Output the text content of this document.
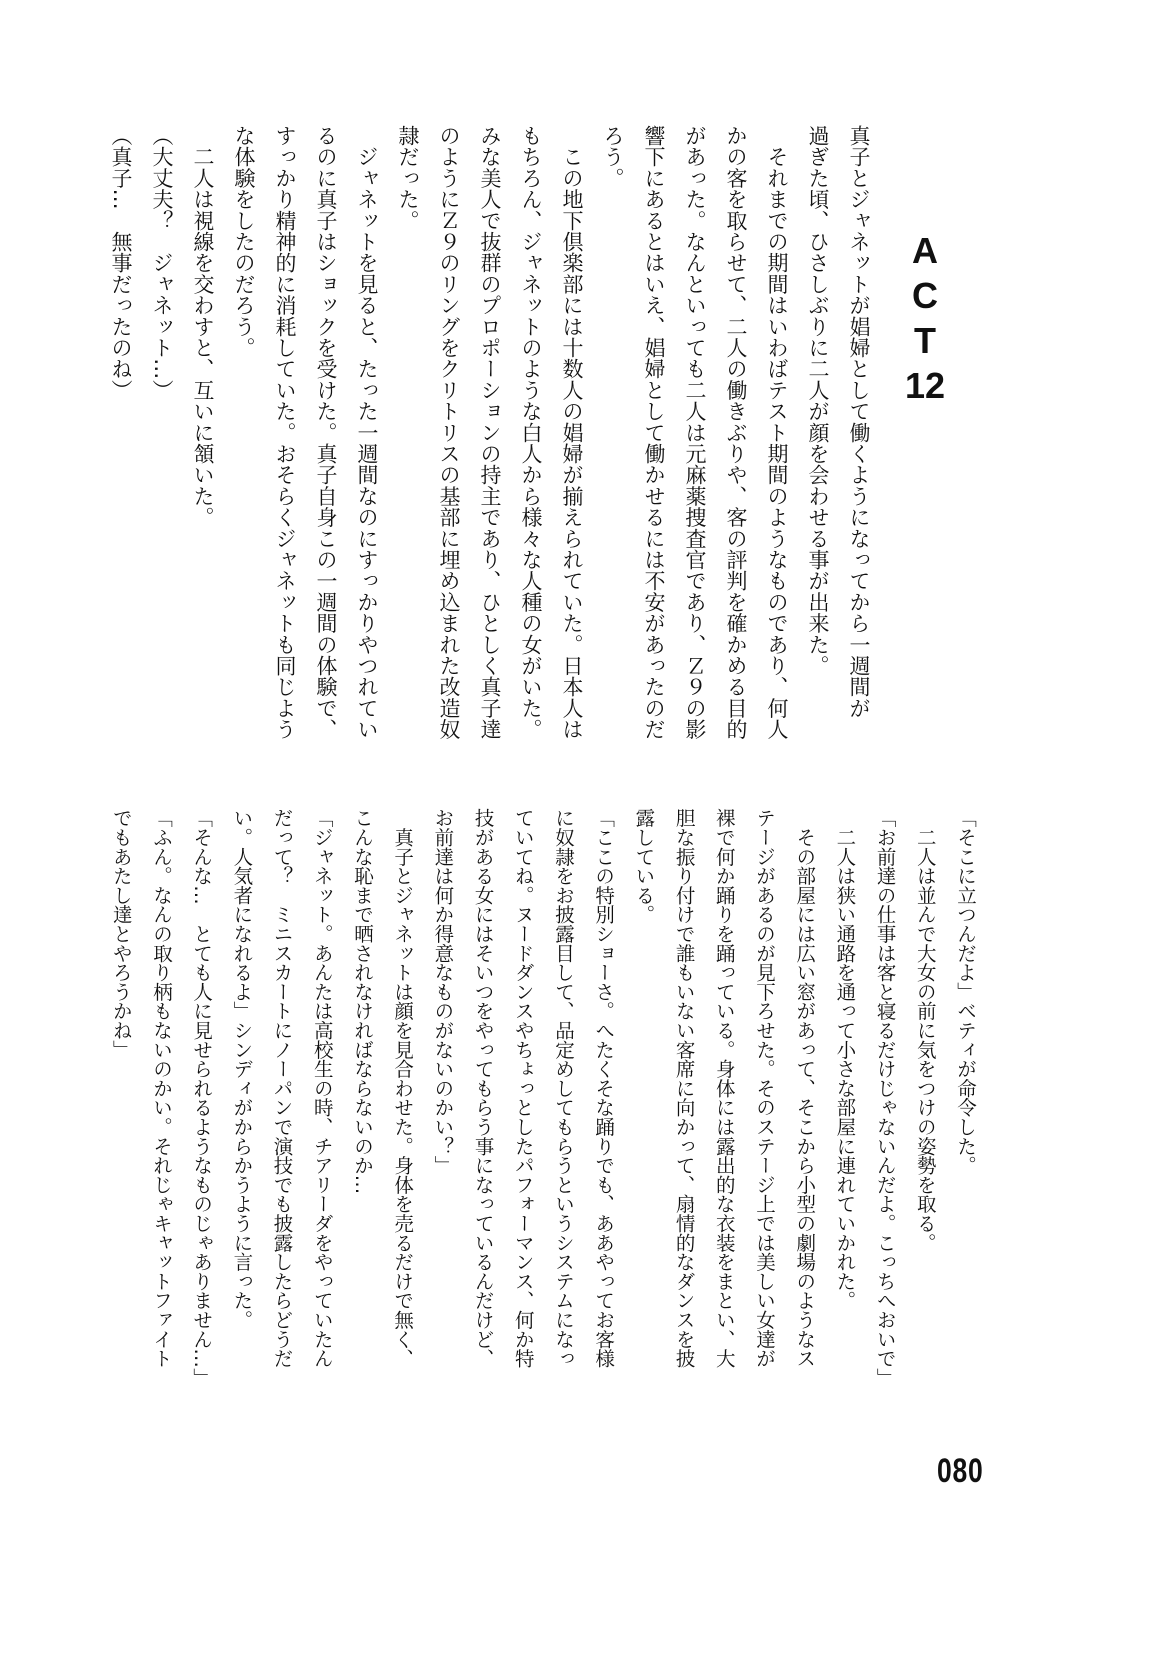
A
C
T
12
真子とジャネットが娼婦として働くようになってから一週間が
過ぎた頃、ひさしぶりに二人が顔を会わせる事が出来た。
　それまでの期間はいわばテスト期間のようなものであり、何人
かの客を取らせて、二人の働きぶりや、客の評判を確かめる目的
があった。なんといっても二人は元麻薬捜査官であり、Ｚ９の影
響下にあるとはいえ、娼婦として働かせるには不安があったのだ
ろう。
　この地下倶楽部には十数人の娼婦が揃えられていた。日本人は
もちろん、ジャネットのような白人から様々な人種の女がいた。
みな美人で抜群のプロポーションの持主であり、ひとしく真子達
のようにＺ９のリングをクリトリスの基部に埋め込まれた改造奴
隷だった。
　ジャネットを見ると、たった一週間なのにすっかりやつれてい
るのに真子はショックを受けた。真子自身この一週間の体験で、
すっかり精神的に消耗していた。おそらくジャネットも同じよう
な体験をしたのだろう。
　二人は視線を交わすと、互いに頷いた。
（大丈夫？　ジャネット…）
（真子…　無事だったのね）
「そこに立つんだよ」ベティが命令した。
　二人は並んで大女の前に気をつけの姿勢を取る。
「お前達の仕事は客と寝るだけじゃないんだよ。こっちへおいで」
　二人は狭い通路を通って小さな部屋に連れていかれた。
　その部屋には広い窓があって、そこから小型の劇場のようなス
テージがあるのが見下ろせた。そのステージ上では美しい女達が
裸で何か踊りを踊っている。身体には露出的な衣装をまとい、大
胆な振り付けで誰もいない客席に向かって、扇情的なダンスを披
露している。
「ここの特別ショーさ。へたくそな踊りでも、ああやってお客様
に奴隷をお披露目して、品定めしてもらうというシステムになっ
ていてね。ヌードダンスやちょっとしたパフォーマンス、何か特
技がある女にはそいつをやってもらう事になっているんだけど、
お前達は何か得意なものがないのかい？」
　真子とジャネットは顔を見合わせた。身体を売るだけで無く、
こんな恥まで晒されなければならないのか…
「ジャネット。あんたは高校生の時、チアリーダをやっていたん
だって？　ミニスカートにノーパンで演技でも披露したらどうだ
い。人気者になれるよ」シンディがからかうように言った。
「そんな…　とても人に見せられるようなものじゃありません…」
「ふん。なんの取り柄もないのかい。それじゃキャットファイト
でもあたし達とやろうかね」
080
